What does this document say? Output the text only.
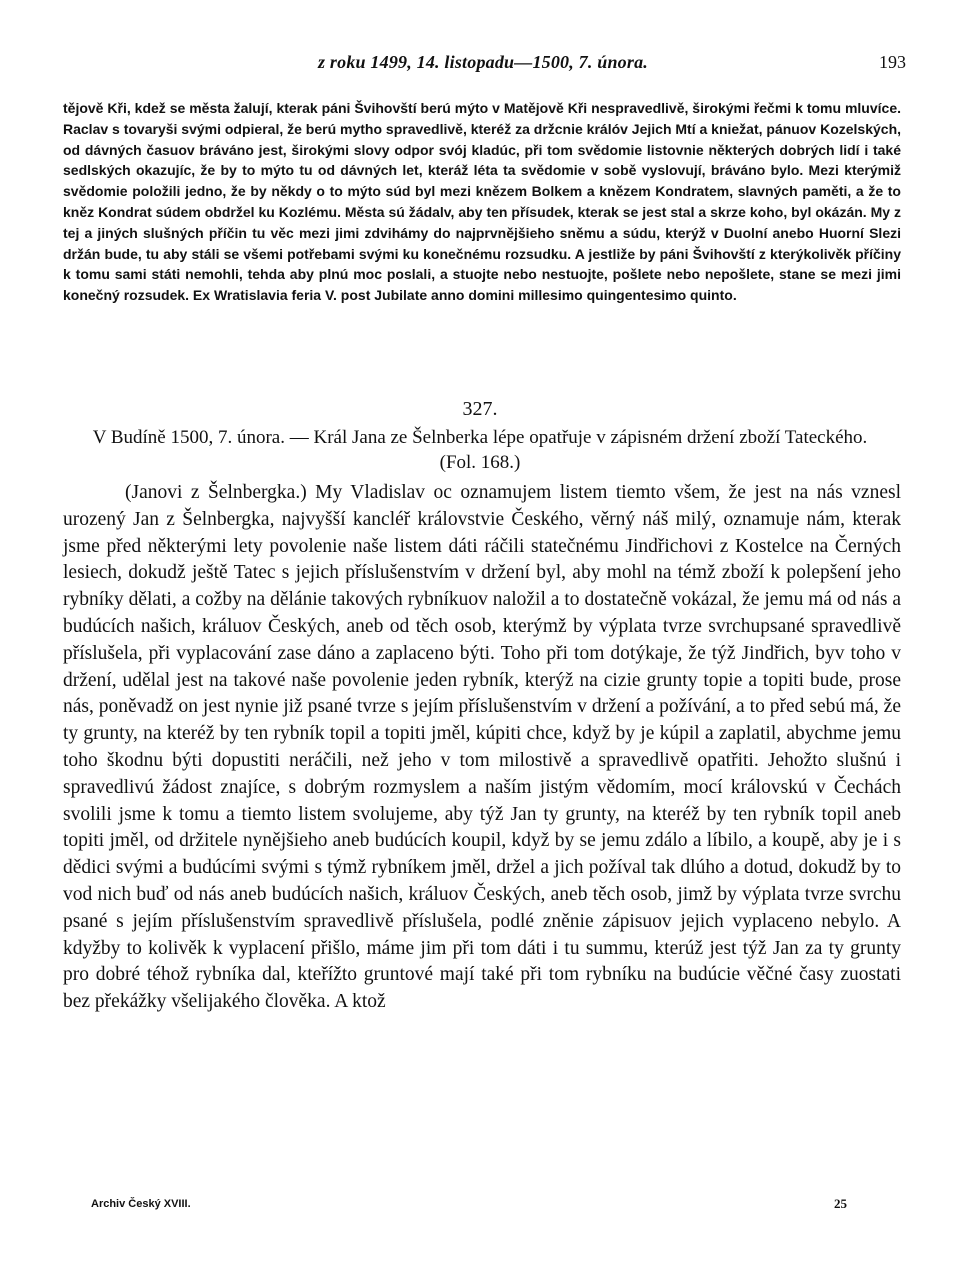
z roku 1499, 14. listopadu—1500, 7. února.	193

tějově Kři, kdež se města žalují, kterak páni Švihovští berú mýto v Matějově Kři nespravedlivě, širokými řečmi k tomu mluvíce. Raclav s tovaryši svými odpieral, že berú mytho spravedlivě, kteréž za držcnie králóv Jejich Mtí a kniežat, pánuov Kozelských, od dávných časuov bráváno jest, širokými slovy odpor svój kladúc, při tom svědomie listovnie některých dobrých lidí i také sedlských okazujíc, že by to mýto tu od dávných let, kteráž léta ta svědomie v sobě vyslovují, bráváno bylo. Mezi kterýmiž svědomie položili jedno, že by někdy o to mýto súd byl mezi knězem Bolkem a knězem Kondratem, slavných paměti, a že to kněz Kondrat súdem obdržel ku Kozlému. Města sú žádalv, aby ten přísudek, kterak se jest stal a skrze koho, byl okázán. My z tej a jiných slušných příčin tu věc mezi jimi zdvihámy do najprvnějšieho sněmu a súdu, kterýž v Duolní anebo Huorní Slezi držán bude, tu aby stáli se všemi potřebami svými ku konečnému rozsudku. A jestliže by páni Švihovští z kterýkolivěk příčiny k tomu sami státi nemohli, tehda aby plnú moc poslali, a stuojte nebo nestuojte, pošlete nebo nepošlete, stane se mezi jimi konečný rozsudek. Ex Wratislavia feria V. post Jubilate anno domini millesimo quingentesimo quinto.

327.

V Budíně 1500, 7. února. — Král Jana ze Šelnberka lépe opatřuje v zápisném držení zboží Tateckého. (Fol. 168.)

(Janovi z Šelnbergka.) My Vladislav oc oznamujem listem tiemto všem, že jest na nás vznesl urozený Jan z Šelnbergka, najvyšší kancléř královstvie Českého, věrný náš milý, oznamuje nám, kterak jsme před některými lety povolenie naše listem dáti ráčili statečnému Jindřichovi z Kostelce na Černých lesiech, dokudž ještě Tatec s jejich příslušenstvím v držení byl, aby mohl na témž zboží k polepšení jeho rybníky dělati, a cožby na dělánie takových rybníkuov naložil a to dostatečně vokázal, že jemu má od nás a budúcích našich, králuov Českých, aneb od těch osob, kterýmž by výplata tvrze svrchupsané spravedlivě příslušela, při vyplacování zase dáno a zaplaceno býti. Toho při tom dotýkaje, že týž Jindřich, byv toho v držení, udělal jest na takové naše povolenie jeden rybník, kterýž na cizie grunty topie a topiti bude, prose nás, poněvadž on jest nynie již psané tvrze s jejím příslušenstvím v držení a požívání, a to před sebú má, že ty grunty, na kteréž by ten rybník topil a topiti jměl, kúpiti chce, když by je kúpil a zaplatil, abychme jemu toho škodnu býti dopustiti neráčili, než jeho v tom milostivě a spravedlivě opatřiti. Jehožto slušnú i spravedlivú žádost znajíce, s dobrým rozmyslem a naším jistým vědomím, mocí královskú v Čechách svolili jsme k tomu a tiemto listem svolujeme, aby týž Jan ty grunty, na kteréž by ten rybník topil aneb topiti jměl, od držitele nynějšieho aneb budúcích koupil, když by se jemu zdálo a líbilo, a koupě, aby je i s dědici svými a budúcími svými s týmž rybníkem jměl, držel a jich požíval tak dlúho a dotud, dokudž by to vod nich buď od nás aneb budúcích našich, králuov Českých, aneb těch osob, jimž by výplata tvrze svrchu psané s jejím příslušenstvím spravedlivě příslušela, podlé zněnie zápisuov jejich vyplaceno nebylo. A kdyžby to kolivěk k vyplacení přišlo, máme jim při tom dáti i tu summu, kterúž jest týž Jan za ty grunty pro dobré téhož rybníka dal, kteřížto gruntové mají také při tom rybníku na budúcie věčné časy zuostati bez překážky všelijakého člověka. A ktož

Archiv Český XVIII.	25
